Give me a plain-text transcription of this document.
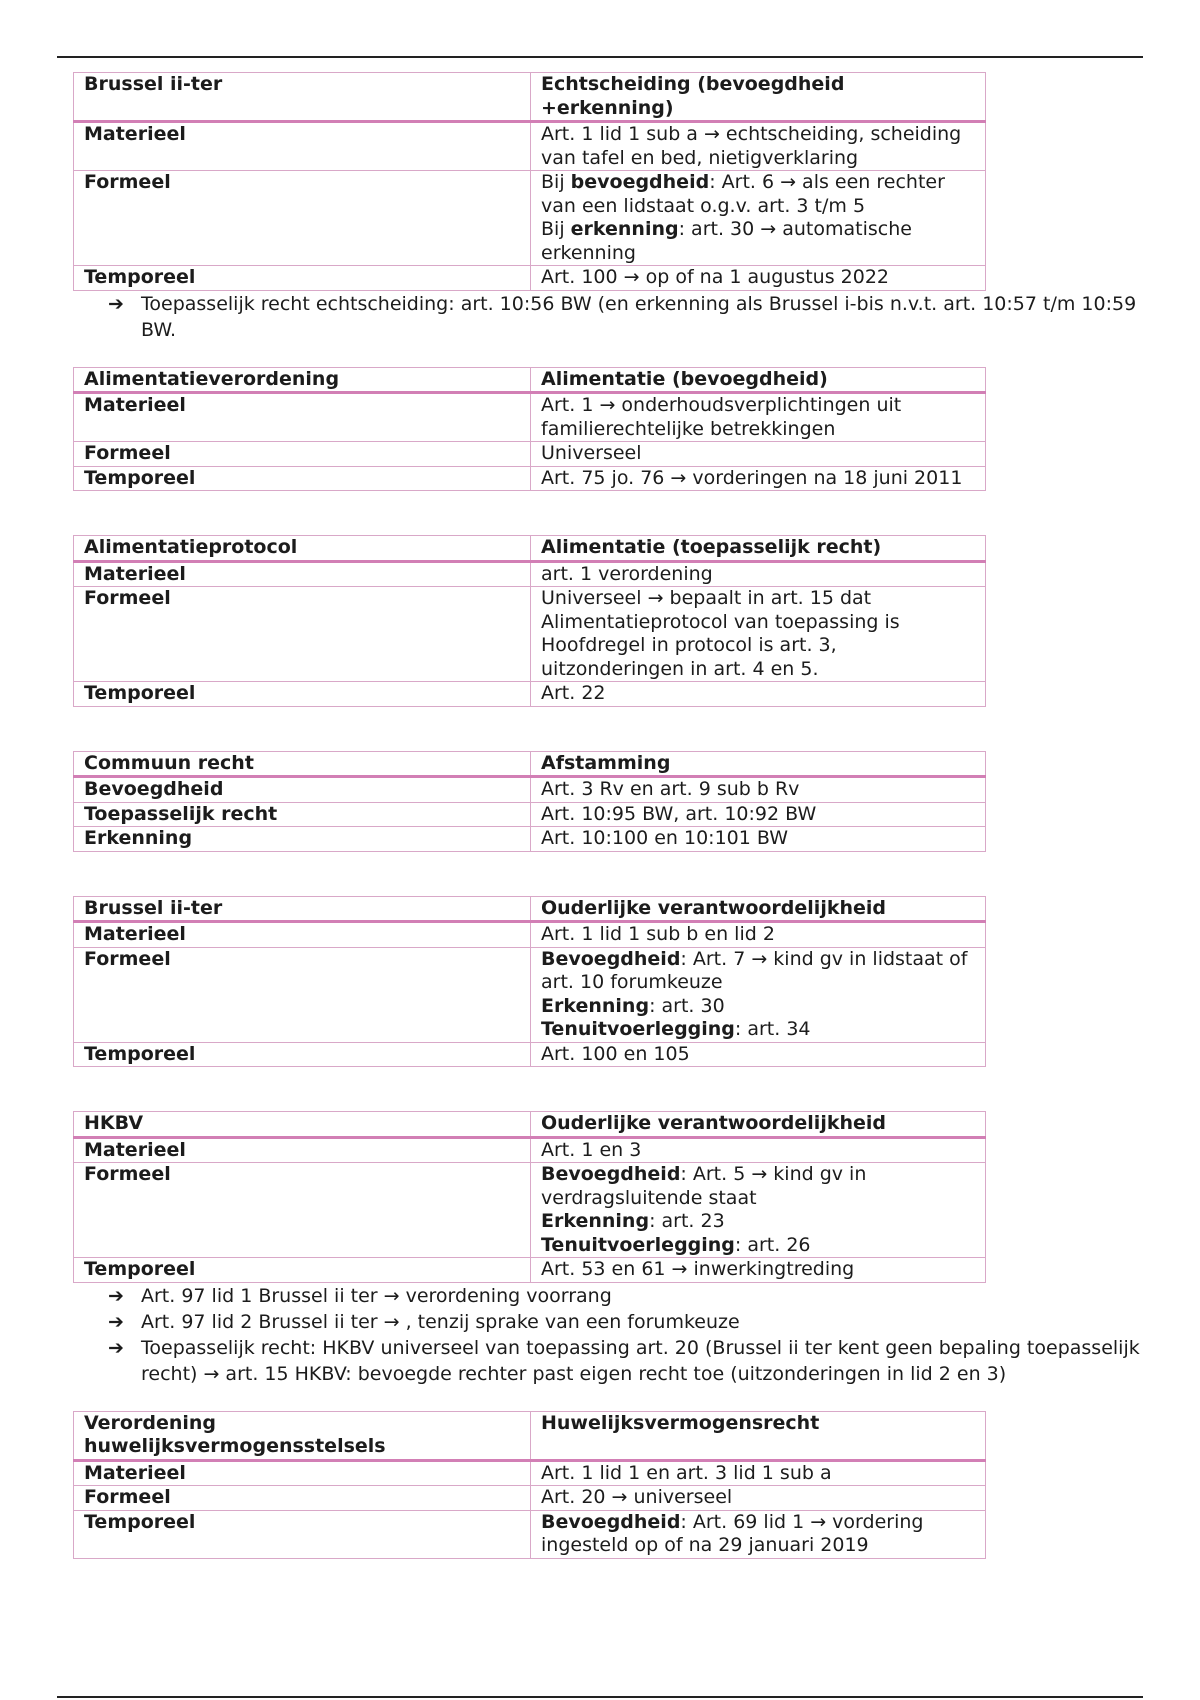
Brussel ii-ter	Echtscheiding (bevoegdheid +erkenning)
Materieel	Art. 1 lid 1 sub a → echtscheiding, scheiding van tafel en bed, nietigverklaring
Formeel	Bij bevoegdheid: Art. 6 → als een rechter van een lidstaat o.g.v. art. 3 t/m 5
Bij erkenning: art. 30 → automatische erkenning

Temporeel	Art. 100 → op of na 1 augustus 2022
➔ Toepasselijk recht echtscheiding: art. 10:56 BW (en erkenning als Brussel i-bis n.v.t. art. 10:57 t/m 10:59 BW.
Alimentatieverordening	Alimentatie (bevoegdheid)
Materieel	Art. 1 → onderhoudsverplichtingen uit familierechtelijke betrekkingen
Formeel	Universeel
Temporeel	Art. 75 jo. 76 → vorderingen na 18 juni 2011
Alimentatieprotocol	Alimentatie (toepasselijk recht)
Materieel	art. 1 verordening
Formeel	Universeel → bepaalt in art. 15 dat Alimentatieprotocol van toepassing is
Hoofdregel in protocol is art. 3, uitzonderingen in art. 4 en 5.

Temporeel	Art. 22
Commuun recht	Afstamming
Bevoegdheid	Art. 3 Rv en art. 9 sub b Rv
Toepasselijk recht	Art. 10:95 BW, art. 10:92 BW
Erkenning	Art. 10:100 en 10:101 BW
Brussel ii-ter	Ouderlijke verantwoordelijkheid
Materieel	Art. 1 lid 1 sub b en lid 2
Formeel	Bevoegdheid: Art. 7 → kind gv in lidstaat of art. 10 forumkeuze
Erkenning: art. 30
Tenuitvoerlegging: art. 34

Temporeel	Art. 100 en 105
HKBV	Ouderlijke verantwoordelijkheid
Materieel	Art. 1 en 3
Formeel	Bevoegdheid: Art. 5 → kind gv in verdragsluitende staat
Erkenning: art. 23
Tenuitvoerlegging: art. 26

Temporeel	Art. 53 en 61 → inwerkingtreding
➔ Art. 97 lid 1 Brussel ii ter → verordening voorrang
➔ Art. 97 lid 2 Brussel ii ter → , tenzij sprake van een forumkeuze
➔ Toepasselijk recht: HKBV universeel van toepassing art. 20 (Brussel ii ter kent geen bepaling toepasselijk recht) → art. 15 HKBV: bevoegde rechter past eigen recht toe (uitzonderingen in lid 2 en 3)
Verordening huwelijksvermogensstelsels	Huwelijksvermogensrecht
Materieel	Art. 1 lid 1 en art. 3 lid 1 sub a
Formeel	Art. 20 → universeel
Temporeel	Bevoegdheid: Art. 69 lid 1 → vordering ingesteld op of na 29 januari 2019
